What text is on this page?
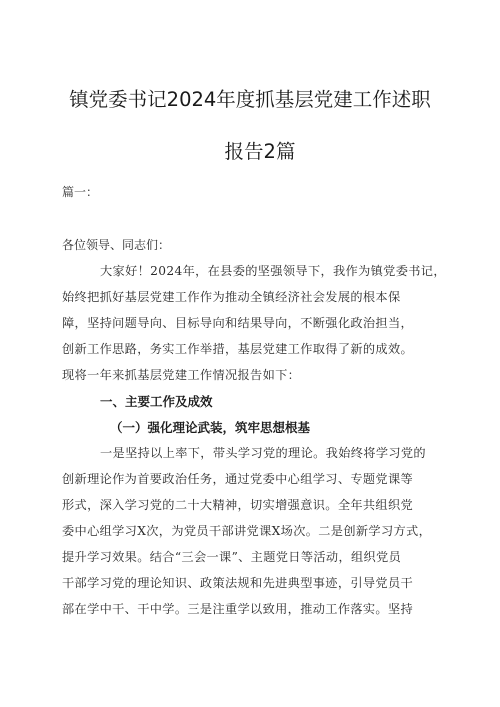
镇党委书记2024年度抓基层党建工作述职
报告2篇
篇一：
各位领导、同志们：
大家好！2024年，在县委的坚强领导下，我作为镇党委书记，
始终把抓好基层党建工作作为推动全镇经济社会发展的根本保
障，坚持问题导向、目标导向和结果导向，不断强化政治担当，
创新工作思路，务实工作举措，基层党建工作取得了新的成效。
现将一年来抓基层党建工作情况报告如下：
一、主要工作及成效
（一）强化理论武装，筑牢思想根基
一是坚持以上率下，带头学习党的理论。我始终将学习党的
创新理论作为首要政治任务，通过党委中心组学习、专题党课等
形式，深入学习党的二十大精神，切实增强意识。全年共组织党
委中心组学习X次，为党员干部讲党课X场次。二是创新学习方式，
提升学习效果。结合“三会一课”、主题党日等活动，组织党员
干部学习党的理论知识、政策法规和先进典型事迹，引导党员干
部在学中干、干中学。三是注重学以致用，推动工作落实。坚持
